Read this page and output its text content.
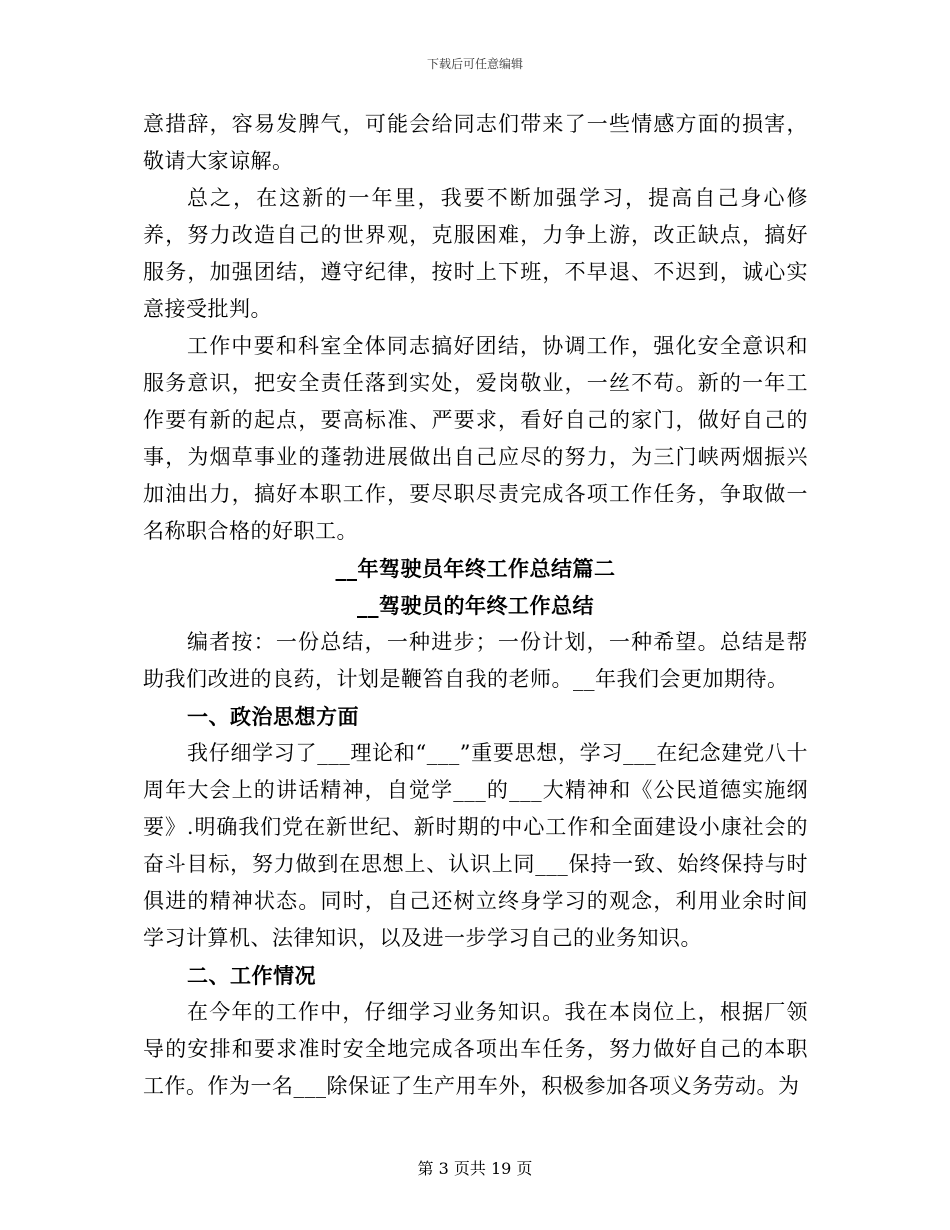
下载后可任意编辑

意措辞，容易发脾气，可能会给同志们带来了一些情感方面的损害，敬请大家谅解。

总之，在这新的一年里，我要不断加强学习，提高自己身心修养，努力改造自己的世界观，克服困难，力争上游，改正缺点，搞好服务，加强团结，遵守纪律，按时上下班，不早退、不迟到，诚心实意接受批判。

工作中要和科室全体同志搞好团结，协调工作，强化安全意识和服务意识，把安全责任落到实处，爱岗敬业，一丝不苟。新的一年工作要有新的起点，要高标准、严要求，看好自己的家门，做好自己的事，为烟草事业的蓬勃进展做出自己应尽的努力，为三门峡两烟振兴加油出力，搞好本职工作，要尽职尽责完成各项工作任务，争取做一名称职合格的好职工。

__年驾驶员年终工作总结篇二

__驾驶员的年终工作总结

编者按：一份总结，一种进步；一份计划，一种希望。总结是帮助我们改进的良药，计划是鞭笞自我的老师。__年我们会更加期待。

一、政治思想方面

我仔细学习了___理论和“___”重要思想，学习___在纪念建党八十周年大会上的讲话精神，自觉学___的___大精神和《公民道德实施纲要》.明确我们党在新世纪、新时期的中心工作和全面建设小康社会的奋斗目标，努力做到在思想上、认识上同___保持一致、始终保持与时俱进的精神状态。同时，自己还树立终身学习的观念，利用业余时间学习计算机、法律知识，以及进一步学习自己的业务知识。

二、工作情况

在今年的工作中，仔细学习业务知识。我在本岗位上，根据厂领导的安排和要求准时安全地完成各项出车任务，努力做好自己的本职工作。作为一名___除保证了生产用车外，积极参加各项义务劳动。为

第 3 页共 19 页
